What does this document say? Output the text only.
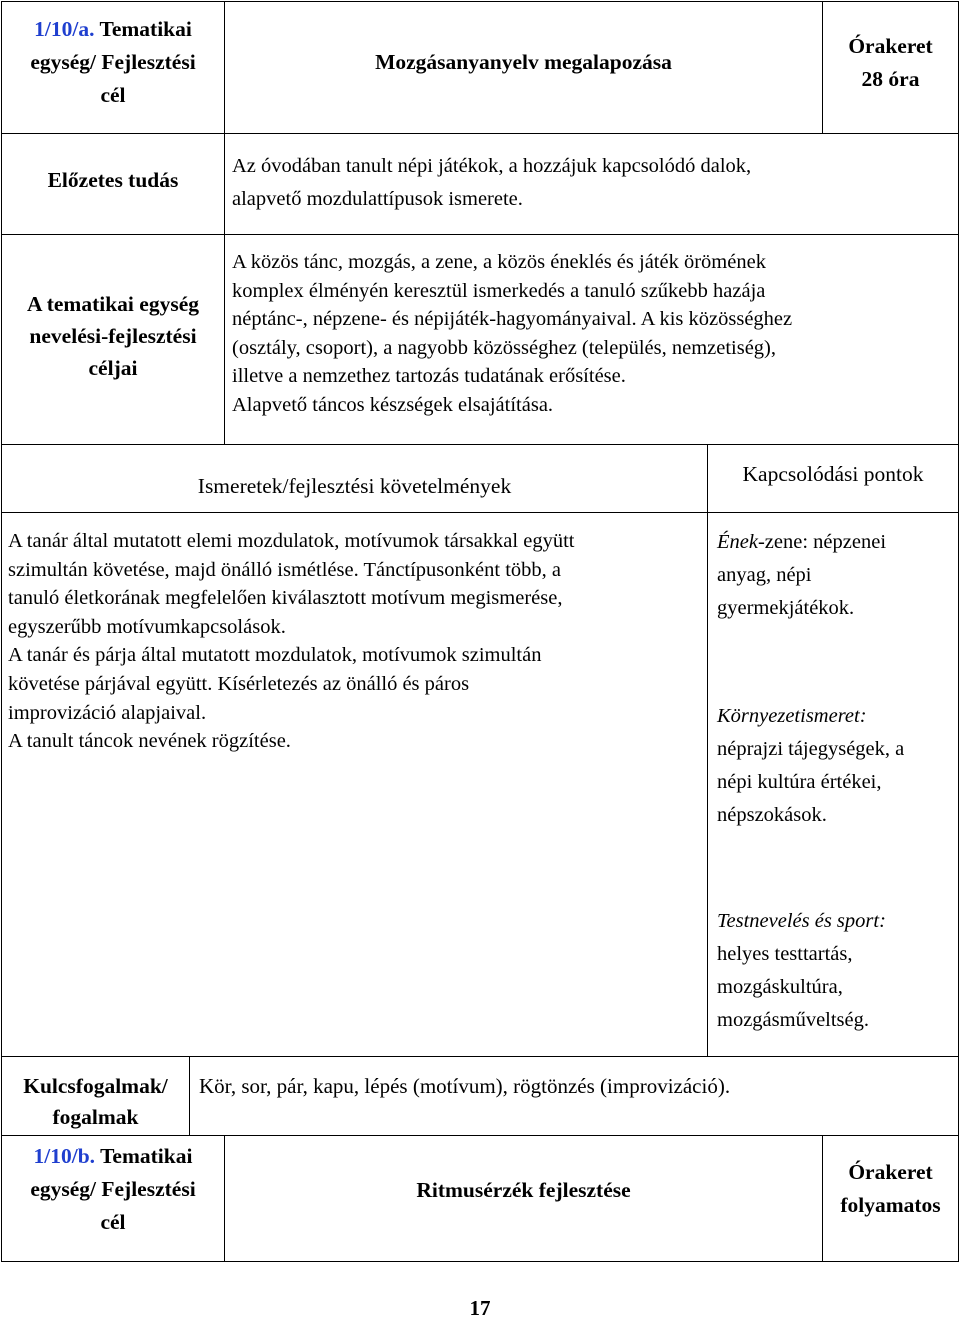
1/10/a. Tematikai
egység/ Fejlesztési
cél
Mozgásanyanyelv megalapozása
Órakeret
28 óra
Előzetes tudás
Az óvodában tanult népi játékok, a hozzájuk kapcsolódó dalok,
alapvető mozdulattípusok ismerete.
A tematikai egység
nevelési-fejlesztési
céljai
A közös tánc, mozgás, a zene, a közös éneklés és játék örömének
komplex élményén keresztül ismerkedés a tanuló szűkebb hazája
néptánc-, népzene- és népijáték-hagyományaival. A kis közösséghez
(osztály, csoport), a nagyobb közösséghez (település, nemzetiség),
illetve a nemzethez tartozás tudatának erősítése.
Alapvető táncos készségek elsajátítása.
Ismeretek/fejlesztési követelmények	Kapcsolódási pontok
A tanár által mutatott elemi mozdulatok, motívumok társakkal együtt
szimultán követése, majd önálló ismétlése. Tánctípusonként több, a
tanuló életkorának megfelelően kiválasztott motívum megismerése,
egyszerűbb motívumkapcsolások.
A tanár és párja által mutatott mozdulatok, motívumok szimultán
követése párjával együtt. Kísérletezés az önálló és páros
improvizáció alapjaival.
A tanult táncok nevének rögzítése.
Ének-zene: népzenei
anyag, népi
gyermekjátékok.
Környezetismeret:
néprajzi tájegységek, a
népi kultúra értékei,
népszokások.
Testnevelés és sport:
helyes testtartás,
mozgáskultúra,
mozgásműveltség.
Kulcsfogalmak/
fogalmak
Kör, sor, pár, kapu, lépés (motívum), rögtönzés (improvizáció).
1/10/b. Tematikai
egység/ Fejlesztési
cél
Ritmusérzék fejlesztése
Órakeret
folyamatos
17
